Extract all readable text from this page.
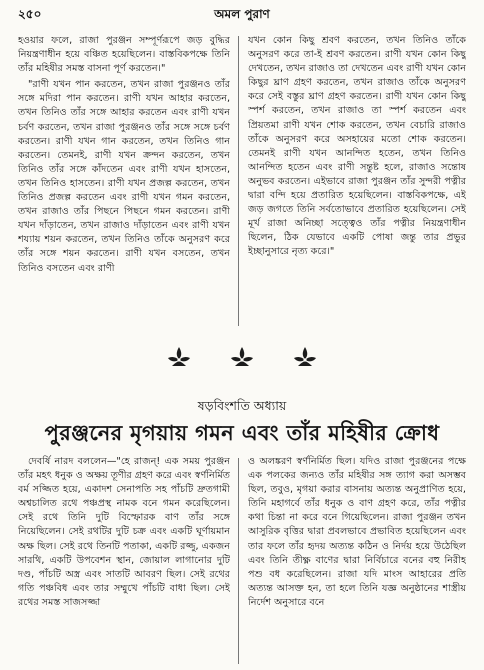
২৫০	অমল পুরাণ

হওয়ার ফলে, রাজা পুরঞ্জন সম্পূর্ণরূপে জড় বুদ্ধির নিয়ন্ত্রণাধীন হয়ে বঞ্চিত হয়েছিলেন। বাস্তবিকপক্ষে তিনি তাঁর মহিষীর সমস্ত বাসনা পূর্ণ করতেন।"

"রাণী যখন পান করতেন, তখন রাজা পুরঞ্জনও তাঁর সঙ্গে মদিরা পান করতেন। রাণী যখন আহার করতেন, তখন তিনিও তাঁর সঙ্গে আহার করতেন এবং রাণী যখন চর্বণ করতেন, তখন রাজা পুরঞ্জনও তাঁর সঙ্গে সঙ্গে চর্বণ করতেন। রাণী যখন গান করতেন, তখন তিনিও গান করতেন। তেমনই, রাণী যখন ক্রন্দন করতেন, তখন তিনিও তাঁর সঙ্গে কাঁদতেন এবং রাণী যখন হাসতেন, তখন তিনিও হাসতেন। রাণী যখন প্রজল্প করতেন, তখন তিনিও প্রজল্প করতেন এবং রাণী যখন গমন করতেন, তখন রাজাও তাঁর পিছনে পিছনে গমন করতেন। রাণী যখন দাঁড়াতেন, তখন রাজাও দাঁড়াতেন এবং রাণী যখন শয্যায় শয়ন করতেন, তখন তিনিও তাঁকে অনুসরণ করে তাঁর সঙ্গে শয়ন করতেন। রাণী যখন বসতেন, তখন তিনিও বসতেন এবং রাণী

যখন কোন কিছু শ্রবণ করতেন, তখন তিনিও তাঁকে অনুসরণ করে তা-ই শ্রবণ করতেন। রাণী যখন কোন কিছু দেখতেন, তখন রাজাও তা দেখতেন এবং রাণী যখন কোন কিছুর ঘ্রাণ গ্রহণ করতেন, তখন রাজাও তাঁকে অনুসরণ করে সেই বস্তুর ঘ্রাণ গ্রহণ করতেন। রাণী যখন কোন কিছু স্পর্শ করতেন, তখন রাজাও তা স্পর্শ করতেন এবং প্রিয়তমা রাণী যখন শোক করতেন, তখন বেচারি রাজাও তাঁকে অনুসরণ করে অসহায়ের মতো শোক করতেন। তেমনই রাণী যখন আনন্দিত হতেন, তখন তিনিও আনন্দিত হতেন এবং রাণী সন্তুষ্ট হলে, রাজাও সন্তোষ অনুভব করতেন। এইভাবে রাজা পুরঞ্জন তাঁর সুন্দরী পত্নীর দ্বারা বন্দি হয়ে প্রতারিত হয়েছিলেন। বাস্তবিকপক্ষে, এই জড় জগতে তিনি সর্বতোভাবে প্রতারিত হয়েছিলেন। সেই মূর্খ রাজা অনিচ্ছা সত্ত্বেও তাঁর পত্নীর নিয়ন্ত্রণাধীন ছিলেন, ঠিক যেভাবে একটি পোষা জন্তু তার প্রভুর ইচ্ছানুসারে নৃত্য করে।"

ষড়বিংশতি অধ্যায়
পুরঞ্জনের মৃগয়ায় গমন এবং তাঁর মহিষীর ক্রোধ

দেবর্ষি নারদ বললেন—"হে রাজন্! এক সময় পুরঞ্জন তাঁর মহৎ ধনুক ও অক্ষয় তূণীর গ্রহণ করে এবং স্বর্ণনির্মিত বর্ম সজ্জিত হয়ে, একাদশ সেনাপতি সহ পাঁচটি দ্রুতগামী অশ্বচালিত রথে পঞ্চপ্রস্থ নামক বনে গমন করেছিলেন। সেই রথে তিনি দুটি বিস্ফোরক বাণ তাঁর সঙ্গে নিয়েছিলেন। সেই রথটির দুটি চক্র এবং একটি ঘূর্ণায়মান অক্ষ ছিল। সেই রথে তিনটি পতাকা, একটি রজ্জু, একজন সারথি, একটি উপবেশন স্থান, জোয়াল লাগানোর দুটি দণ্ড, পাঁচটি অস্ত্র এবং সাতটি আবরণ ছিল। সেই রথের গতি পঞ্চবিধ এবং তার সম্মুখে পাঁচটি বাধা ছিল। সেই রথের সমস্ত সাজসজ্জা

ও অলঙ্করণ স্বর্ণনির্মিত ছিল। যদিও রাজা পুরঞ্জনের পক্ষে এক পলকের জন্যও তাঁর মহিষীর সঙ্গ ত্যাগ করা অসম্ভব ছিল, তবুও, মৃগয়া করার বাসনায় অত্যন্ত অনুপ্রাণিত হয়ে, তিনি মহাগর্বে তাঁর ধনুক ও বাণ গ্রহণ করে, তাঁর পত্নীর কথা চিন্তা না করে বনে গিয়েছিলেন। রাজা পুরঞ্জন তখন আসুরিক বৃত্তির দ্বারা প্রবলভাবে প্রভাবিত হয়েছিলেন এবং তার ফলে তাঁর হৃদয় অত্যন্ত কঠিন ও নির্দয় হয়ে উঠেছিল এবং তিনি তীক্ষ্ণ বাণের দ্বারা নির্বিচারে বনের বহু নিরীহ পশু বধ করেছিলেন। রাজা যদি মাংস আহারের প্রতি অত্যন্ত আসক্ত হন, তা হলে তিনি যজ্ঞ অনুষ্ঠানের শাস্ত্রীয় নির্দেশ অনুসারে বনে
